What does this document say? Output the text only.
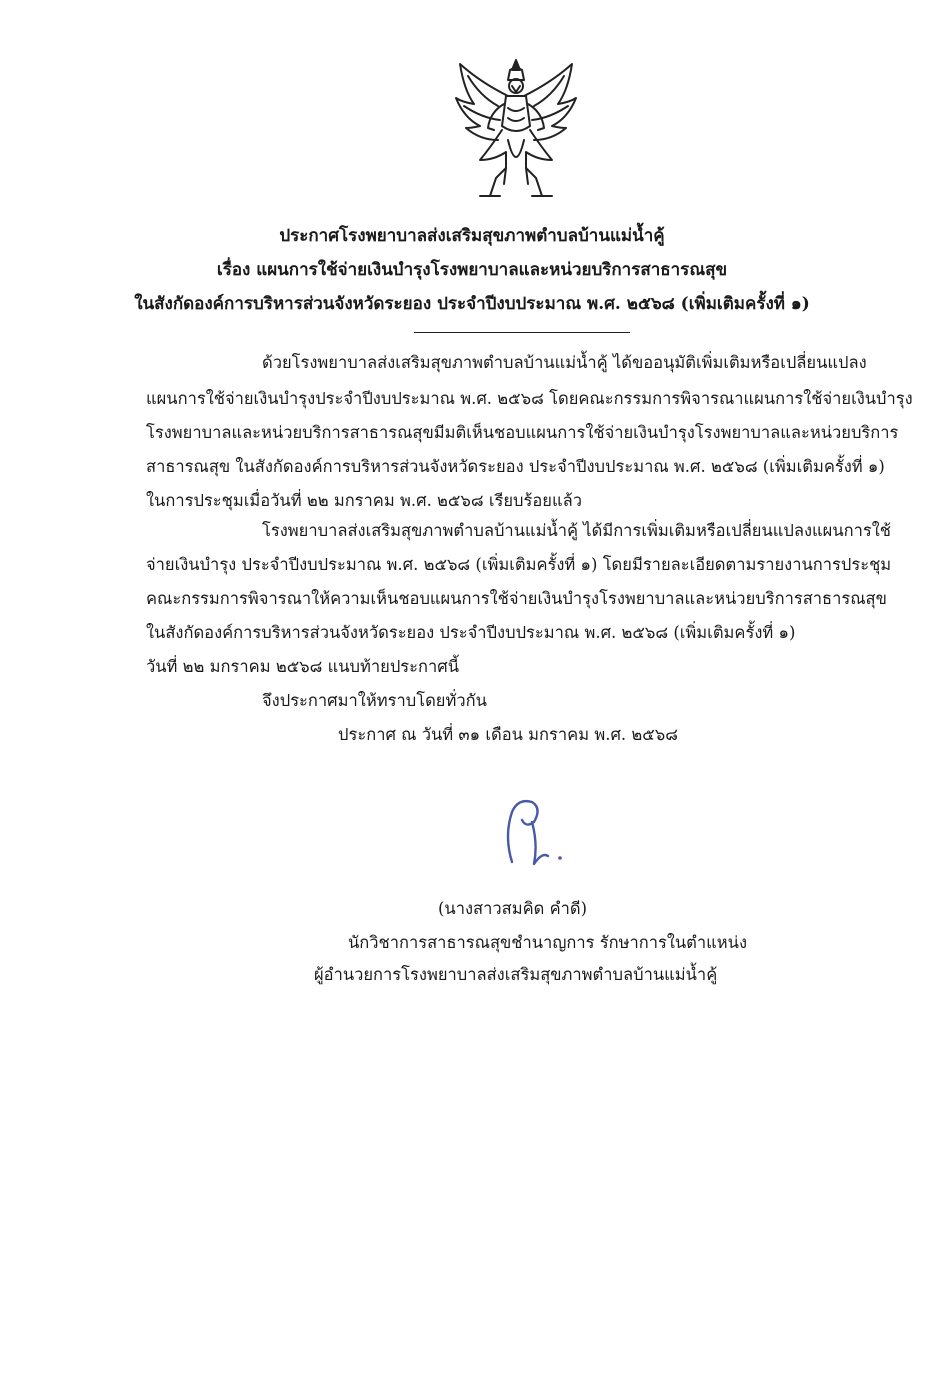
ประกาศโรงพยาบาลส่งเสริมสุขภาพตำบลบ้านแม่น้ำคู้
เรื่อง แผนการใช้จ่ายเงินบำรุงโรงพยาบาลและหน่วยบริการสาธารณสุข
ในสังกัดองค์การบริหารส่วนจังหวัดระยอง ประจำปีงบประมาณ พ.ศ. ๒๕๖๘ (เพิ่มเติมครั้งที่ ๑)
ด้วยโรงพยาบาลส่งเสริมสุขภาพตำบลบ้านแม่น้ำคู้ ได้ขออนุมัติเพิ่มเติมหรือเปลี่ยนแปลง
แผนการใช้จ่ายเงินบำรุงประจำปีงบประมาณ พ.ศ. ๒๕๖๘ โดยคณะกรรมการพิจารณาแผนการใช้จ่ายเงินบำรุง
โรงพยาบาลและหน่วยบริการสาธารณสุขมีมติเห็นชอบแผนการใช้จ่ายเงินบำรุงโรงพยาบาลและหน่วยบริการ
สาธารณสุข ในสังกัดองค์การบริหารส่วนจังหวัดระยอง ประจำปีงบประมาณ พ.ศ. ๒๕๖๘ (เพิ่มเติมครั้งที่ ๑)
ในการประชุมเมื่อวันที่ ๒๒ มกราคม พ.ศ. ๒๕๖๘ เรียบร้อยแล้ว
โรงพยาบาลส่งเสริมสุขภาพตำบลบ้านแม่น้ำคู้ ได้มีการเพิ่มเติมหรือเปลี่ยนแปลงแผนการใช้
จ่ายเงินบำรุง ประจำปีงบประมาณ พ.ศ. ๒๕๖๘ (เพิ่มเติมครั้งที่ ๑) โดยมีรายละเอียดตามรายงานการประชุม
คณะกรรมการพิจารณาให้ความเห็นชอบแผนการใช้จ่ายเงินบำรุงโรงพยาบาลและหน่วยบริการสาธารณสุข
ในสังกัดองค์การบริหารส่วนจังหวัดระยอง ประจำปีงบประมาณ พ.ศ. ๒๕๖๘ (เพิ่มเติมครั้งที่ ๑)
วันที่ ๒๒ มกราคม ๒๕๖๘ แนบท้ายประกาศนี้
จึงประกาศมาให้ทราบโดยทั่วกัน
ประกาศ ณ วันที่ ๓๑ เดือน มกราคม พ.ศ. ๒๕๖๘
(นางสาวสมคิด คำดี)
นักวิชาการสาธารณสุขชำนาญการ รักษาการในตำแหน่ง
ผู้อำนวยการโรงพยาบาลส่งเสริมสุขภาพตำบลบ้านแม่น้ำคู้
